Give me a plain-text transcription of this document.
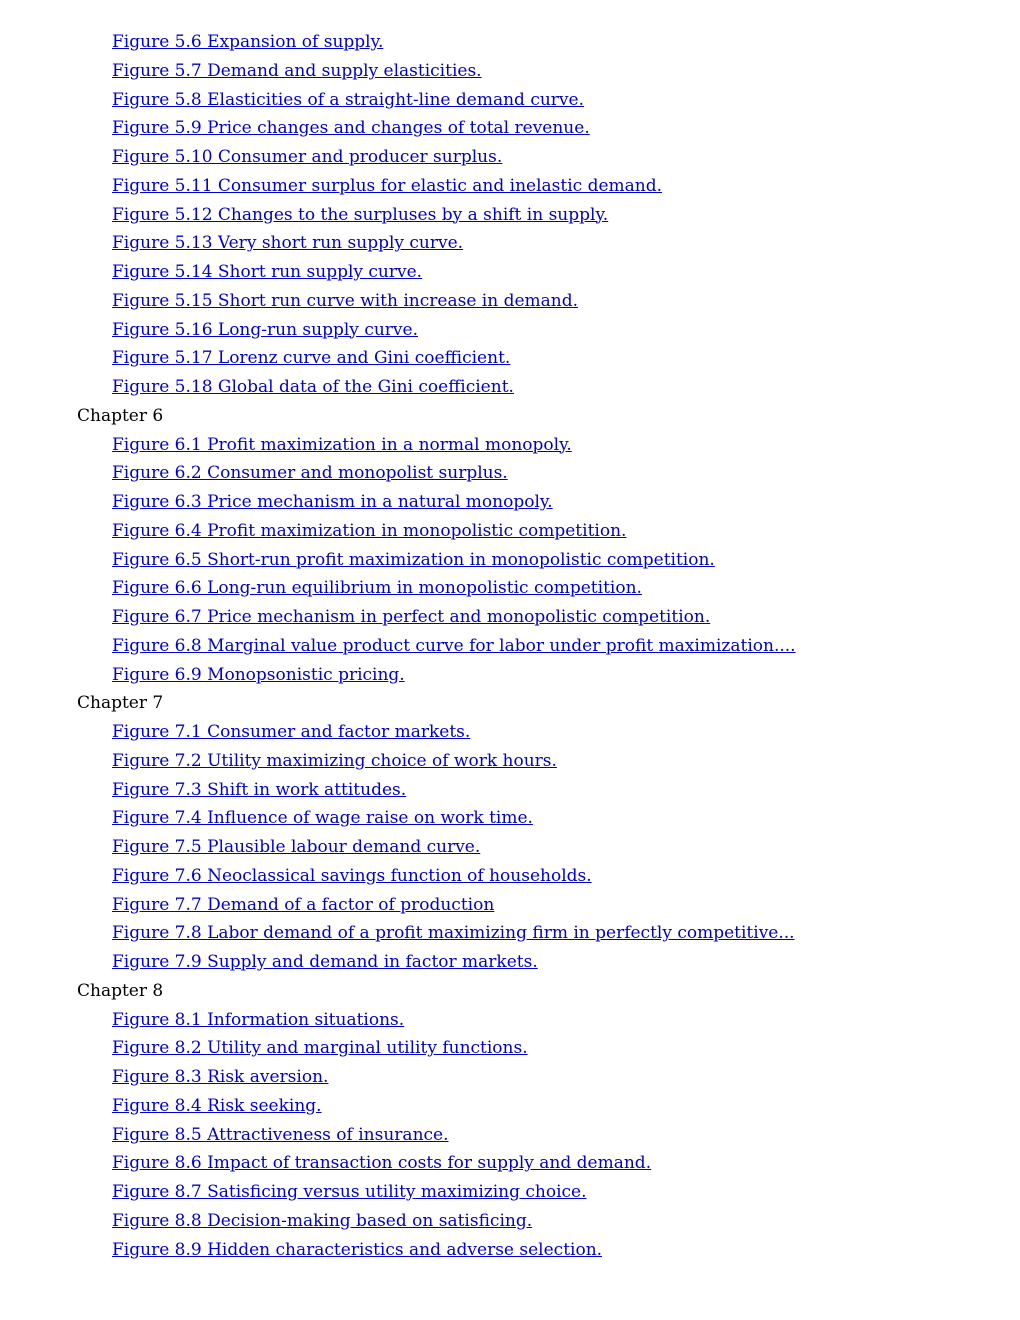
Figure 5.6 Expansion of supply.
Figure 5.7 Demand and supply elasticities.
Figure 5.8 Elasticities of a straight-line demand curve.
Figure 5.9 Price changes and changes of total revenue.
Figure 5.10 Consumer and producer surplus.
Figure 5.11 Consumer surplus for elastic and inelastic demand.
Figure 5.12 Changes to the surpluses by a shift in supply.
Figure 5.13 Very short run supply curve.
Figure 5.14 Short run supply curve.
Figure 5.15 Short run curve with increase in demand.
Figure 5.16 Long-run supply curve.
Figure 5.17 Lorenz curve and Gini coefficient.
Figure 5.18 Global data of the Gini coefficient.
Chapter 6
Figure 6.1 Profit maximization in a normal monopoly.
Figure 6.2 Consumer and monopolist surplus.
Figure 6.3 Price mechanism in a natural monopoly.
Figure 6.4 Profit maximization in monopolistic competition.
Figure 6.5 Short-run profit maximization in monopolistic competition.
Figure 6.6 Long-run equilibrium in monopolistic competition.
Figure 6.7 Price mechanism in perfect and monopolistic competition.
Figure 6.8 Marginal value product curve for labor under profit maximization....
Figure 6.9 Monopsonistic pricing.
Chapter 7
Figure 7.1 Consumer and factor markets.
Figure 7.2 Utility maximizing choice of work hours.
Figure 7.3 Shift in work attitudes.
Figure 7.4 Influence of wage raise on work time.
Figure 7.5 Plausible labour demand curve.
Figure 7.6 Neoclassical savings function of households.
Figure 7.7 Demand of a factor of production
Figure 7.8 Labor demand of a profit maximizing firm in perfectly competitive...
Figure 7.9 Supply and demand in factor markets.
Chapter 8
Figure 8.1 Information situations.
Figure 8.2 Utility and marginal utility functions.
Figure 8.3 Risk aversion.
Figure 8.4 Risk seeking.
Figure 8.5 Attractiveness of insurance.
Figure 8.6 Impact of transaction costs for supply and demand.
Figure 8.7 Satisficing versus utility maximizing choice.
Figure 8.8 Decision-making based on satisficing.
Figure 8.9 Hidden characteristics and adverse selection.
